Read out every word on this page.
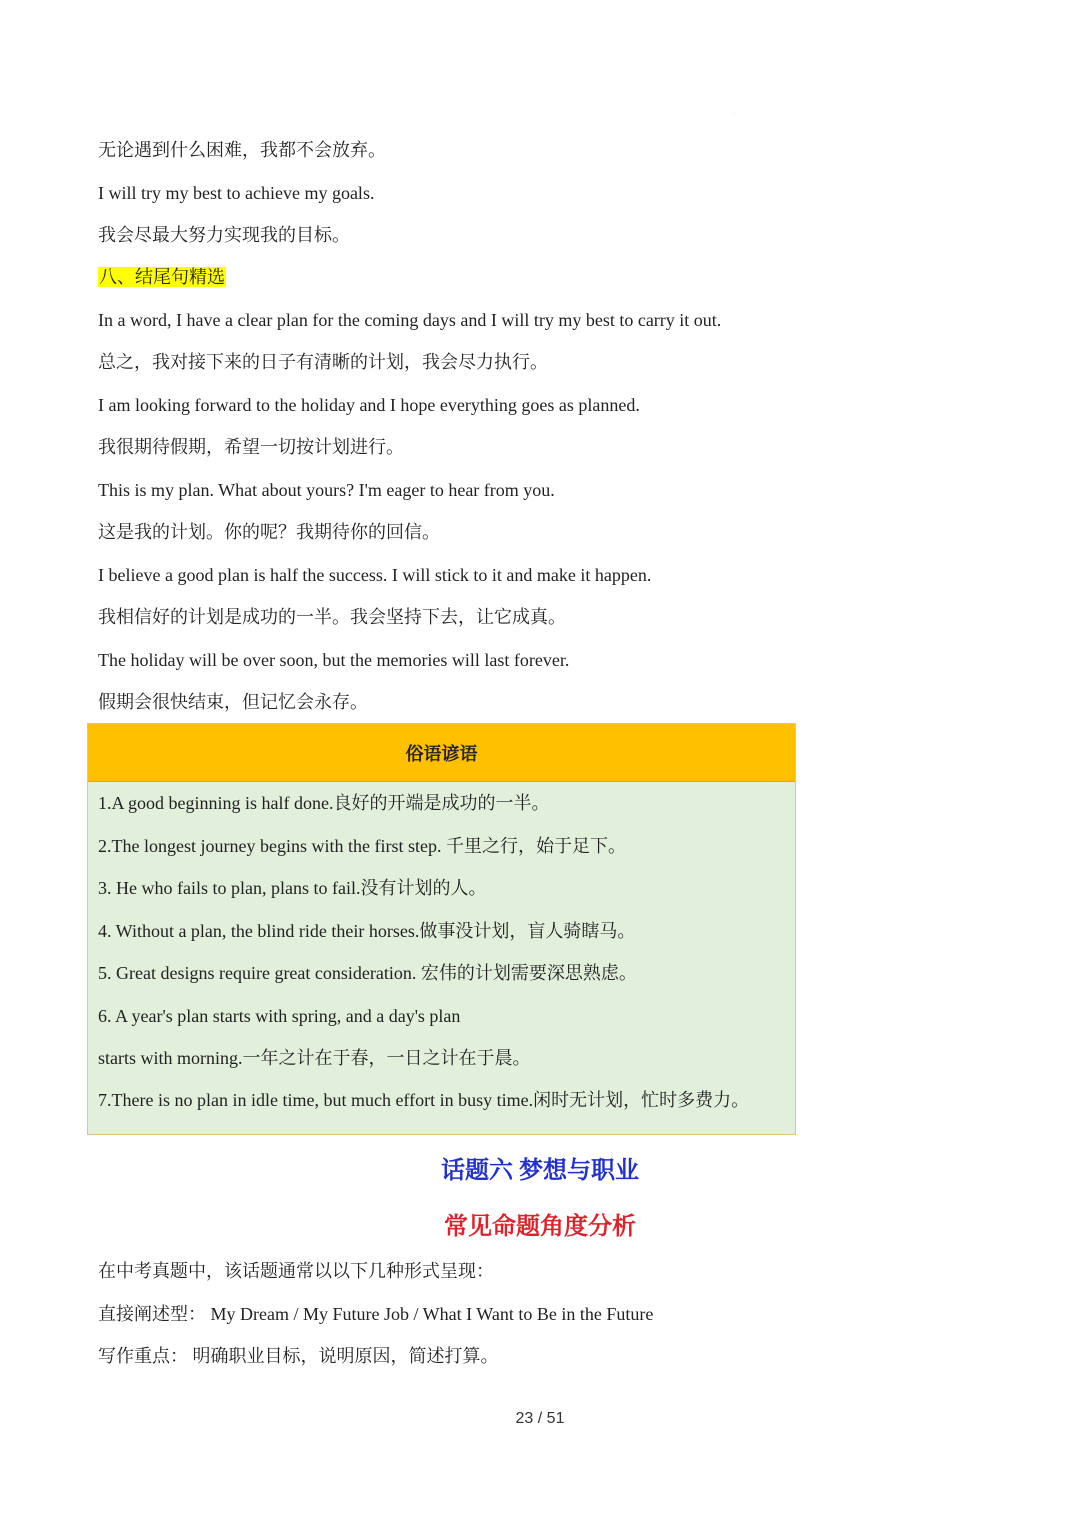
·
无论遇到什么困难，我都不会放弃。
I will try my best to achieve my goals.
我会尽最大努力实现我的目标。
八、结尾句精选
In a word, I have a clear plan for the coming days and I will try my best to carry it out.
总之，我对接下来的日子有清晰的计划，我会尽力执行。
I am looking forward to the holiday and I hope everything goes as planned.
我很期待假期，希望一切按计划进行。
This is my plan. What about yours? I'm eager to hear from you.
这是我的计划。你的呢？我期待你的回信。
I believe a good plan is half the success. I will stick to it and make it happen.
我相信好的计划是成功的一半。我会坚持下去，让它成真。
The holiday will be over soon, but the memories will last forever.
假期会很快结束，但记忆会永存。
俗语谚语
1.A good beginning is half done.良好的开端是成功的一半。
2.The longest journey begins with the first step. 千里之行，始于足下。
3. He who fails to plan, plans to fail.没有计划的人。
4. Without a plan, the blind ride their horses.做事没计划，盲人骑瞎马。
5. Great designs require great consideration. 宏伟的计划需要深思熟虑。
6. A year's plan starts with spring, and a day's plan
starts with morning.一年之计在于春，一日之计在于晨。
7.There is no plan in idle time, but much effort in busy time.闲时无计划，忙时多费力。
话题六 梦想与职业
常见命题角度分析
在中考真题中，该话题通常以以下几种形式呈现：
直接阐述型： My Dream / My Future Job / What I Want to Be in the Future
写作重点： 明确职业目标，说明原因，简述打算。
23 / 51
